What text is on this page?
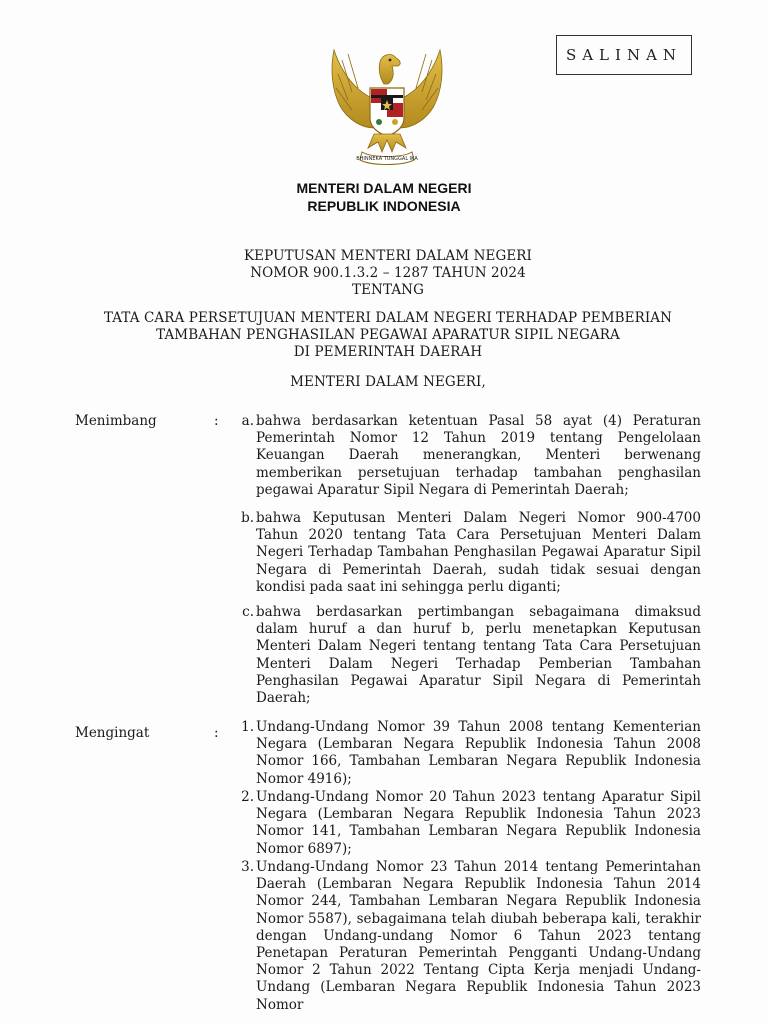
SALINAN
BHINNEKA TUNGGAL IKA
MENTERI DALAM NEGERI
REPUBLIK INDONESIA
KEPUTUSAN MENTERI DALAM NEGERI
NOMOR 900.1.3.2 – 1287 TAHUN 2024
TENTANG
TATA CARA PERSETUJUAN MENTERI DALAM NEGERI TERHADAP PEMBERIAN
TAMBAHAN PENGHASILAN PEGAWAI APARATUR SIPIL NEGARA
DI PEMERINTAH DAERAH
MENTERI DALAM NEGERI,
Menimbang	:	a. bahwa berdasarkan ketentuan Pasal 58 ayat (4) Peraturan Pemerintah Nomor 12 Tahun 2019 tentang Pengelolaan Keuangan Daerah menerangkan, Menteri berwenang memberikan persetujuan terhadap tambahan penghasilan pegawai Aparatur Sipil Negara di Pemerintah Daerah;
b. bahwa Keputusan Menteri Dalam Negeri Nomor 900-4700 Tahun 2020 tentang Tata Cara Persetujuan Menteri Dalam Negeri Terhadap Tambahan Penghasilan Pegawai Aparatur Sipil Negara di Pemerintah Daerah, sudah tidak sesuai dengan kondisi pada saat ini sehingga perlu diganti;
c. bahwa berdasarkan pertimbangan sebagaimana dimaksud dalam huruf a dan huruf b, perlu menetapkan Keputusan Menteri Dalam Negeri tentang tentang Tata Cara Persetujuan Menteri Dalam Negeri Terhadap Pemberian Tambahan Penghasilan Pegawai Aparatur Sipil Negara di Pemerintah Daerah;
Mengingat	:	1. Undang-Undang Nomor 39 Tahun 2008 tentang Kementerian Negara (Lembaran Negara Republik Indonesia Tahun 2008 Nomor 166, Tambahan Lembaran Negara Republik Indonesia Nomor 4916);
2. Undang-Undang Nomor 20 Tahun 2023 tentang Aparatur Sipil Negara (Lembaran Negara Republik Indonesia Tahun 2023 Nomor 141, Tambahan Lembaran Negara Republik Indonesia Nomor 6897);
3. Undang-Undang Nomor 23 Tahun 2014 tentang Pemerintahan Daerah (Lembaran Negara Republik Indonesia Tahun 2014 Nomor 244, Tambahan Lembaran Negara Republik Indonesia Nomor 5587), sebagaimana telah diubah beberapa kali, terakhir dengan Undang-undang Nomor 6 Tahun 2023 tentang Penetapan Peraturan Pemerintah Pengganti Undang-Undang Nomor 2 Tahun 2022 Tentang Cipta Kerja menjadi Undang-Undang (Lembaran Negara Republik Indonesia Tahun 2023 Nomor
